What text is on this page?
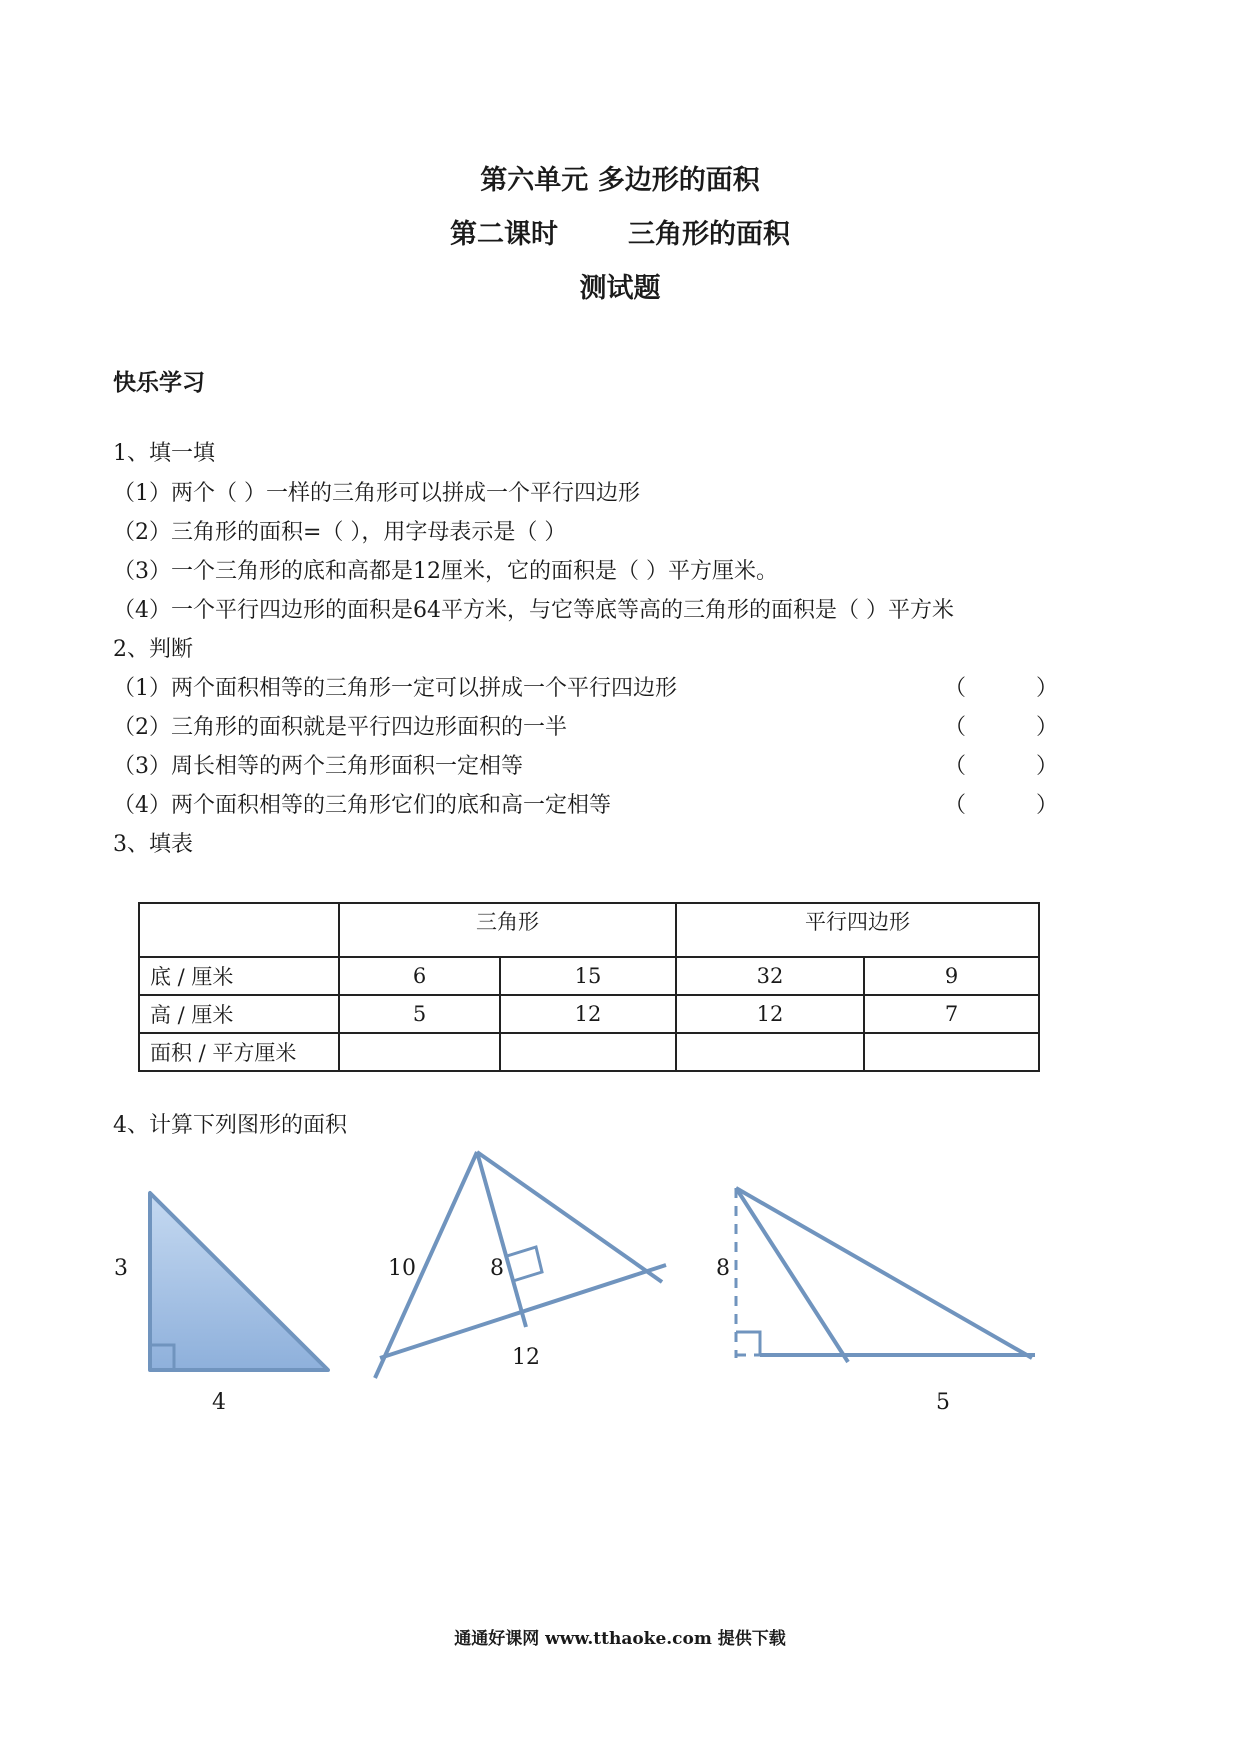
第六单元 多边形的面积
第二课时	三角形的面积
测试题
快乐学习
1、填一填
（1）两个（ ）一样的三角形可以拼成一个平行四边形
（2）三角形的面积=（ ），用字母表示是（ ）
（3）一个三角形的底和高都是12厘米，它的面积是（ ）平方厘米。
（4）一个平行四边形的面积是64平方米，与它等底等高的三角形的面积是（ ）平方米
2、判断
（1）两个面积相等的三角形一定可以拼成一个平行四边形	（	）
（2）三角形的面积就是平行四边形面积的一半	（	）
（3）周长相等的两个三角形面积一定相等	（	）
（4）两个面积相等的三角形它们的底和高一定相等	（	）
3、填表
	三角形		平行四边形	
底 / 厘米	6	15	32	9
高 / 厘米	5	12	12	7
面积 / 平方厘米				
4、计算下列图形的面积
3
4
10	8
12
8
5
通通好课网 www.tthaoke.com 提供下载
